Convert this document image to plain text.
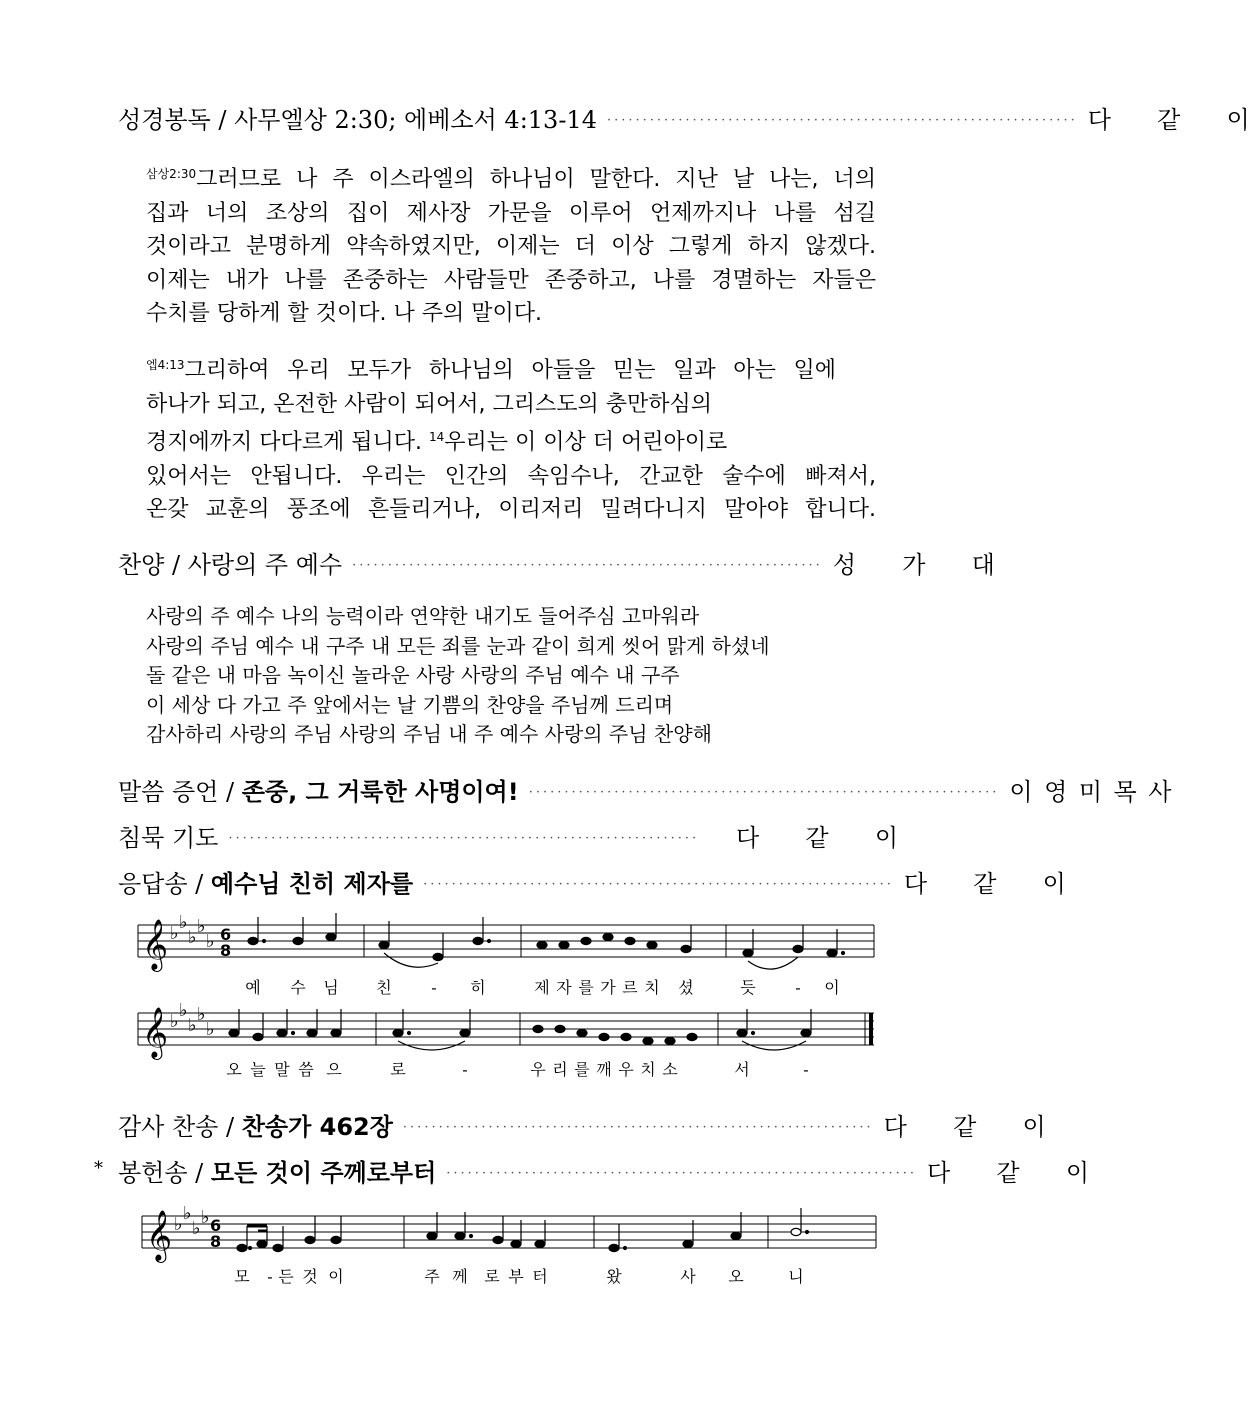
성경봉독 / 사무엘상 2:30; 에베소서 4:13-14 ·································································· 다 같 이
$^{삼상2:30}$그러므로 나 주 이스라엘의 하나님이 말한다. 지난 날 나는, 너의
집과 너의 조상의 집이 제사장 가문을 이루어 언제까지나 나를 섬길
것이라고 분명하게 약속하였지만, 이제는 더 이상 그렇게 하지 않겠다.
이제는 내가 나를 존중하는 사람들만 존중하고, 나를 경멸하는 자들은
수치를 당하게 할 것이다. 나 주의 말이다.
$^{엡4:13}$그리하여 우리 모두가 하나님의 아들을 믿는 일과 아는 일에
하나가 되고, 온전한 사람이 되어서, 그리스도의 충만하심의
경지에까지 다다르게 됩니다. $^{14}$우리는 이 이상 더 어린아이로
있어서는 안됩니다. 우리는 인간의 속임수나, 간교한 술수에 빠져서,
온갖 교훈의 풍조에 흔들리거나, 이리저리 밀려다니지 말아야 합니다.
찬양 / 사랑의 주 예수 ·································································· 성 가 대
사랑의 주 예수 나의 능력이라 연약한 내기도 들어주심 고마워라
사랑의 주님 예수 내 구주 내 모든 죄를 눈과 같이 희게 씻어 맑게 하셨네
돌 같은 내 마음 녹이신 놀라운 사랑 사랑의 주님 예수 내 구주
이 세상 다 가고 주 앞에서는 날 기쁨의 찬양을 주님께 드리며
감사하리 사랑의 주님 사랑의 주님 내 주 예수 사랑의 주님 찬양해
말씀 증언 / 존중, 그 거룩한 사명이여! ·································································· 이 영 미 목 사
침묵 기도 ··································································	다 같 이
응답송 / 예수님 친히 제자를 ·································································· 다 같 이
𝄞 ♭
♭
♭
♭
♭ 6
8
예 수 님 친 - 히	제 자 를 가 르 치 셨	듯 - 이
𝄞 ♭
♭
♭
♭
♭
오 늘 말 씀 으	로	-	우 리 를 깨 우 치 소	서	-
감사 찬송 / 찬송가 462장 ·································································· 다 같 이
* 봉헌송 / 모든 것이 주께로부터 ·································································· 다 같 이
𝄞 ♭
♭
♭
♭ 6
8
모 - 든 것 이	주 께 로 부 터	왔	사 오	니
